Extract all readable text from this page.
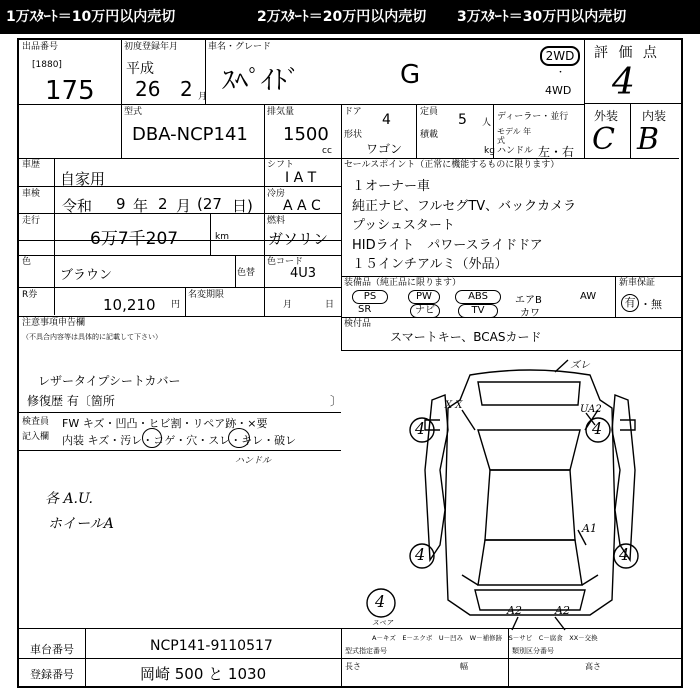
1万ｽﾀｰﾄ＝10万円以内売切	2万ｽﾀｰﾄ＝20万円以内売切 3万ｽﾀｰﾄ＝30万円以内売切
出品番号
[1880]
175
初度登録年月
平成
26 2 月
車名・グレード
ｽﾍﾟｲﾄﾞ	G
2WD
・
4WD
評 価 点
4
外装 内装
C B
型式
DBA-NCP141
排気量
1500
cc
ドア 4	定員 5 人
ディーラー・並行
モデル 年式
形状
ワゴン
積載
kg ハンドル 左・右
車歴
自家用
シフト
I A T
車検
令和 9 年 2 月 (27 日)
冷房
A A C
走行
6万7千207	km
燃料
ガソリン
色
ブラウン	色替
色コード
4U3
R券
10,210 円
名変期限
月	日
セールスポイント（正常に機能するものに限ります）
１オーナー車
純正ナビ、フルセグTV、バックカメラ
プッシュスタート
HIDライト　パワースライドドア
１５インチアルミ（外品）
装備品（純正品に限ります）
PS	PW	ABS	エアB	AW
SR	ナビ	TV	カワ
新車保証
有 ・無
検付品
スマートキー、BCASカード
注意事項申告欄
（不具合内容等は具体的に記載して下さい）
レザータイプシートカバー
修復歴 有〔箇所	〕
検査員
記入欄
FW キズ・凹凸・ヒビ割・リペア跡・×要
内装 キズ・汚レ・コゲ・穴・スレ・キレ・破レ
ハンドル
各 A.U.
ホイールA
4	4
4	4
4
スペア
ズレ
UA2
X X
A1
A2	A2
A－キズ　E－エクボ　U－凹み　W－補修跡　S－サビ　C－腐食　XX－交換
車台番号	NCP141-9110517
登録番号	岡崎 500 と 1030
型式指定番号	類別区分番号
長さ	幅	高さ
